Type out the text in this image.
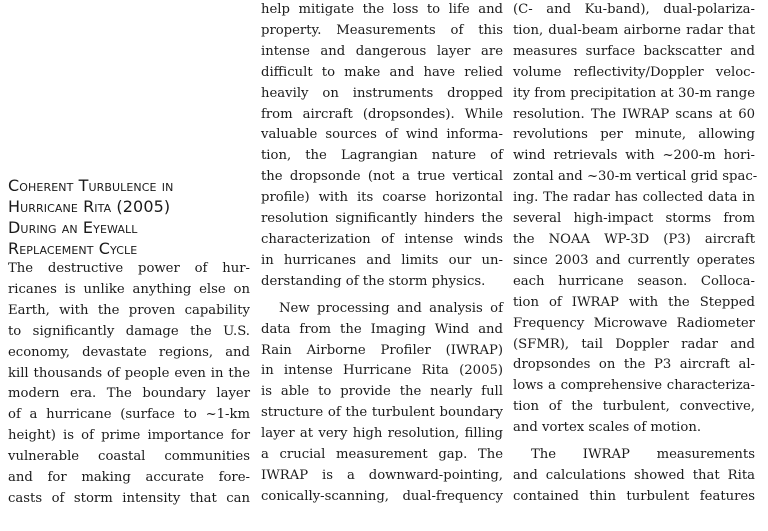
Coherent Turbulence in
Hurricane Rita (2005)
During an Eyewall
Replacement Cycle
The destructive power of hur-
ricanes is unlike anything else on
Earth, with the proven capability
to significantly damage the U.S.
economy, devastate regions, and
kill thousands of people even in the
modern era. The boundary layer
of a hurricane (surface to ~1-km
height) is of prime importance for
vulnerable coastal communities
and for making accurate fore-
casts of storm intensity that can
help mitigate the loss to life and
property. Measurements of this
intense and dangerous layer are
difficult to make and have relied
heavily on instruments dropped
from aircraft (dropsondes). While
valuable sources of wind informa-
tion, the Lagrangian nature of
the dropsonde (not a true vertical
profile) with its coarse horizontal
resolution significantly hinders the
characterization of intense winds
in hurricanes and limits our un-
derstanding of the storm physics.
New processing and analysis of
data from the Imaging Wind and
Rain Airborne Profiler (IWRAP)
in intense Hurricane Rita (2005)
is able to provide the nearly full
structure of the turbulent boundary
layer at very high resolution, filling
a crucial measurement gap. The
IWRAP is a downward-pointing,
conically-scanning, dual-frequency
(C- and Ku-band), dual-polariza-
tion, dual-beam airborne radar that
measures surface backscatter and
volume reflectivity/Doppler veloc-
ity from precipitation at 30-m range
resolution. The IWRAP scans at 60
revolutions per minute, allowing
wind retrievals with ~200-m hori-
zontal and ~30-m vertical grid spac-
ing. The radar has collected data in
several high-impact storms from
the NOAA WP-3D (P3) aircraft
since 2003 and currently operates
each hurricane season. Colloca-
tion of IWRAP with the Stepped
Frequency Microwave Radiometer
(SFMR), tail Doppler radar and
dropsondes on the P3 aircraft al-
lows a comprehensive characteriza-
tion of the turbulent, convective,
and vortex scales of motion.
The IWRAP measurements
and calculations showed that Rita
contained thin turbulent features
